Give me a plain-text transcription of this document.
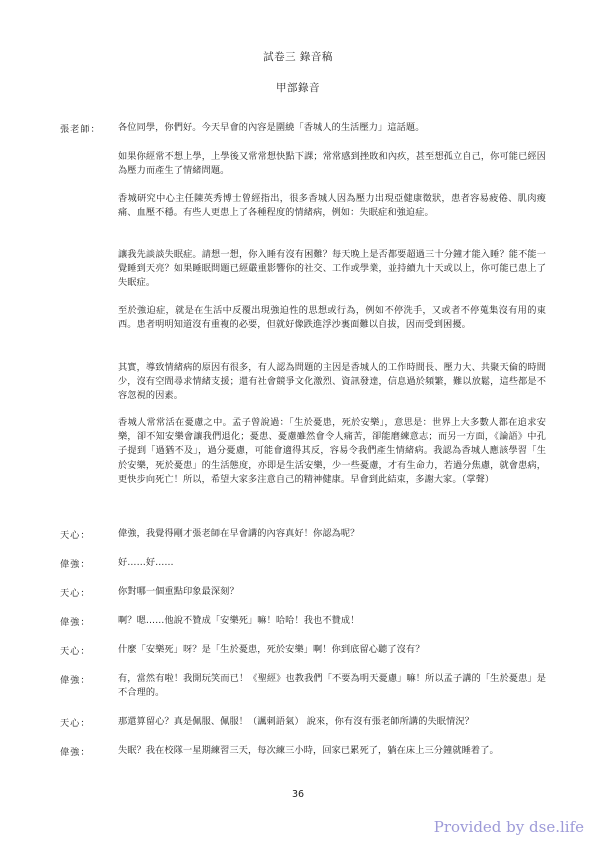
試卷三 錄音稿
甲部錄音
張老師：	各位同學，你們好。今天早會的內容是圍繞「香城人的生活壓力」這話題。
如果你經常不想上學，上學後又常常想快點下課；常常感到挫敗和內疚，甚至想孤立自己，你可能已經因為壓力而產生了情緒問題。
香城研究中心主任陳英秀博士曾經指出，很多香城人因為壓力出現亞健康徵狀，患者容易疲倦、肌肉痠痛、血壓不穩。有些人更患上了各種程度的情緒病，例如：失眠症和強迫症。
讓我先談談失眠症。請想一想，你入睡有沒有困難？每天晚上是否都要超過三十分鐘才能入睡？能不能一覺睡到天亮？如果睡眠問題已經嚴重影響你的社交、工作或學業，並持續九十天或以上，你可能已患上了失眠症。
至於強迫症，就是在生活中反覆出現強迫性的思想或行為，例如不停洗手，又或者不停蒐集沒有用的東西。患者明明知道沒有重複的必要，但就好像跌進浮沙裏面難以自拔，因而受到困擾。
其實，導致情緒病的原因有很多，有人認為問題的主因是香城人的工作時間長、壓力大、共聚天倫的時間少，沒有空間尋求情緒支援；還有社會競爭文化激烈、資訊發達，信息過於頻繁，難以放鬆，這些都是不容忽視的因素。
香城人常常活在憂慮之中。孟子曾說過：「生於憂患，死於安樂」，意思是：世界上大多數人都在追求安樂，卻不知安樂會讓我們退化；憂患、憂慮雖然會令人痛苦，卻能磨練意志；而另一方面，《論語》中孔子提到「過猶不及」，過分憂慮，可能會適得其反，容易令我們產生情緒病。我認為香城人應該學習「生於安樂，死於憂患」的生活態度，亦即是生活安樂，少一些憂慮，才有生命力，若過分焦慮，就會患病，更快步向死亡！所以，希望大家多注意自己的精神健康。早會到此結束，多謝大家。（掌聲）
天心：	偉強，我覺得剛才張老師在早會講的內容真好！你認為呢？
偉強：	好……好……
天心：	你對哪一個重點印象最深刻？
偉強：	啊？嗯……他說不贊成「安樂死」嘛！哈哈！我也不贊成！
天心：	什麼「安樂死」呀？是「生於憂患，死於安樂」啊！你到底留心聽了沒有？
偉強：	有，當然有啦！我開玩笑而已！《聖經》也教我們「不要為明天憂慮」嘛！所以孟子講的「生於憂患」是不合理的。
天心：	那還算留心？真是佩服、佩服！（諷刺語氣） 說來，你有沒有張老師所講的失眠情況？
偉強：	失眠？我在校隊一星期練習三天，每次練三小時，回家已累死了，躺在床上三分鐘就睡着了。
36
Provided by dse.life
